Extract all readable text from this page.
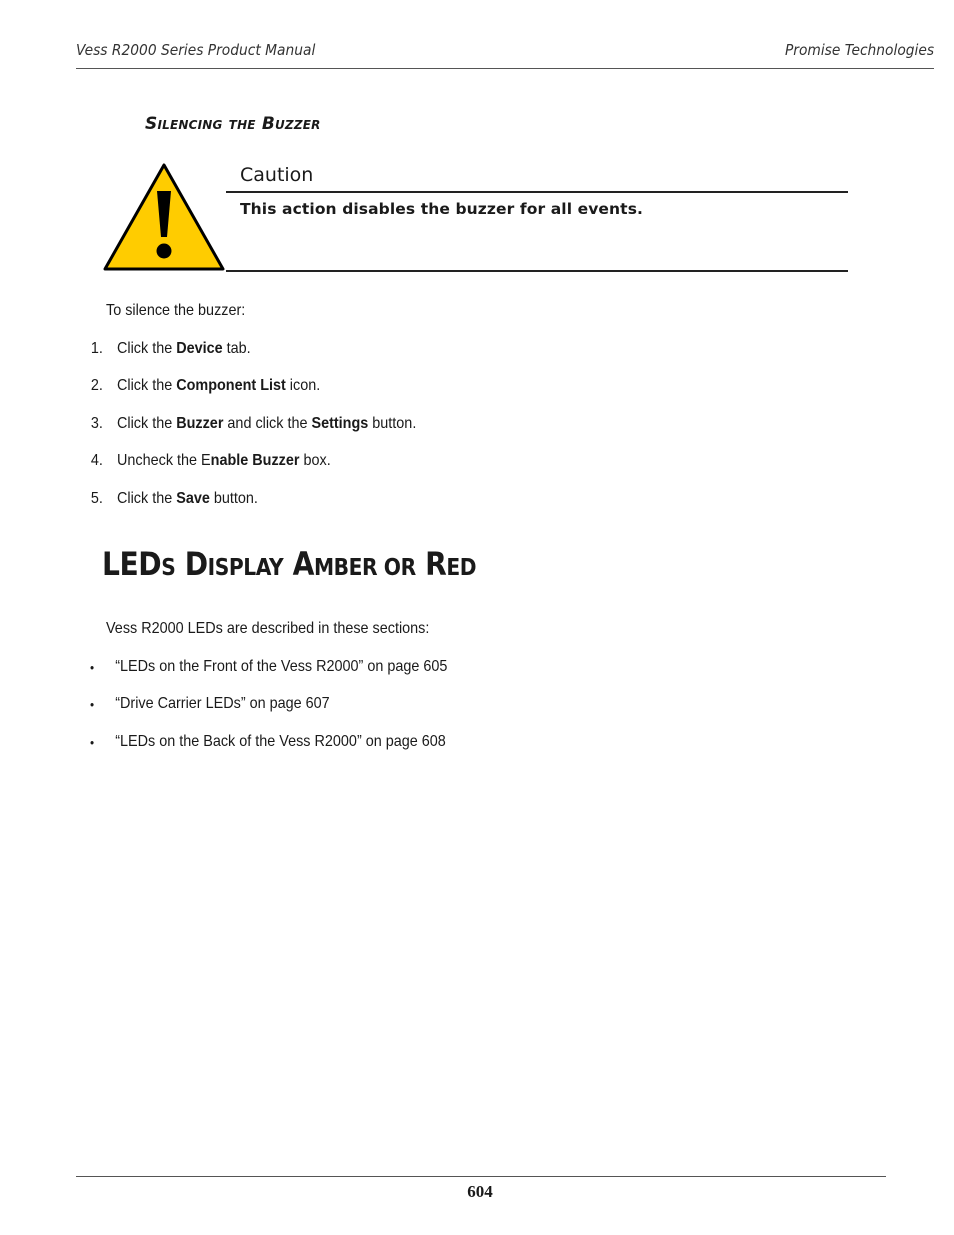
Vess R2000 Series Product Manual	Promise Technologies
Silencing the Buzzer
Caution
This action disables the buzzer for all events.
To silence the buzzer:
1. Click the Device tab.
2. Click the Component List icon.
3. Click the Buzzer and click the Settings button.
4. Uncheck the Enable Buzzer box.
5. Click the Save button.
LEDS DISPLAY AMBER OR RED
Vess R2000 LEDs are described in these sections:
• “LEDs on the Front of the Vess R2000” on page 605
• “Drive Carrier LEDs” on page 607
• “LEDs on the Back of the Vess R2000” on page 608
604
